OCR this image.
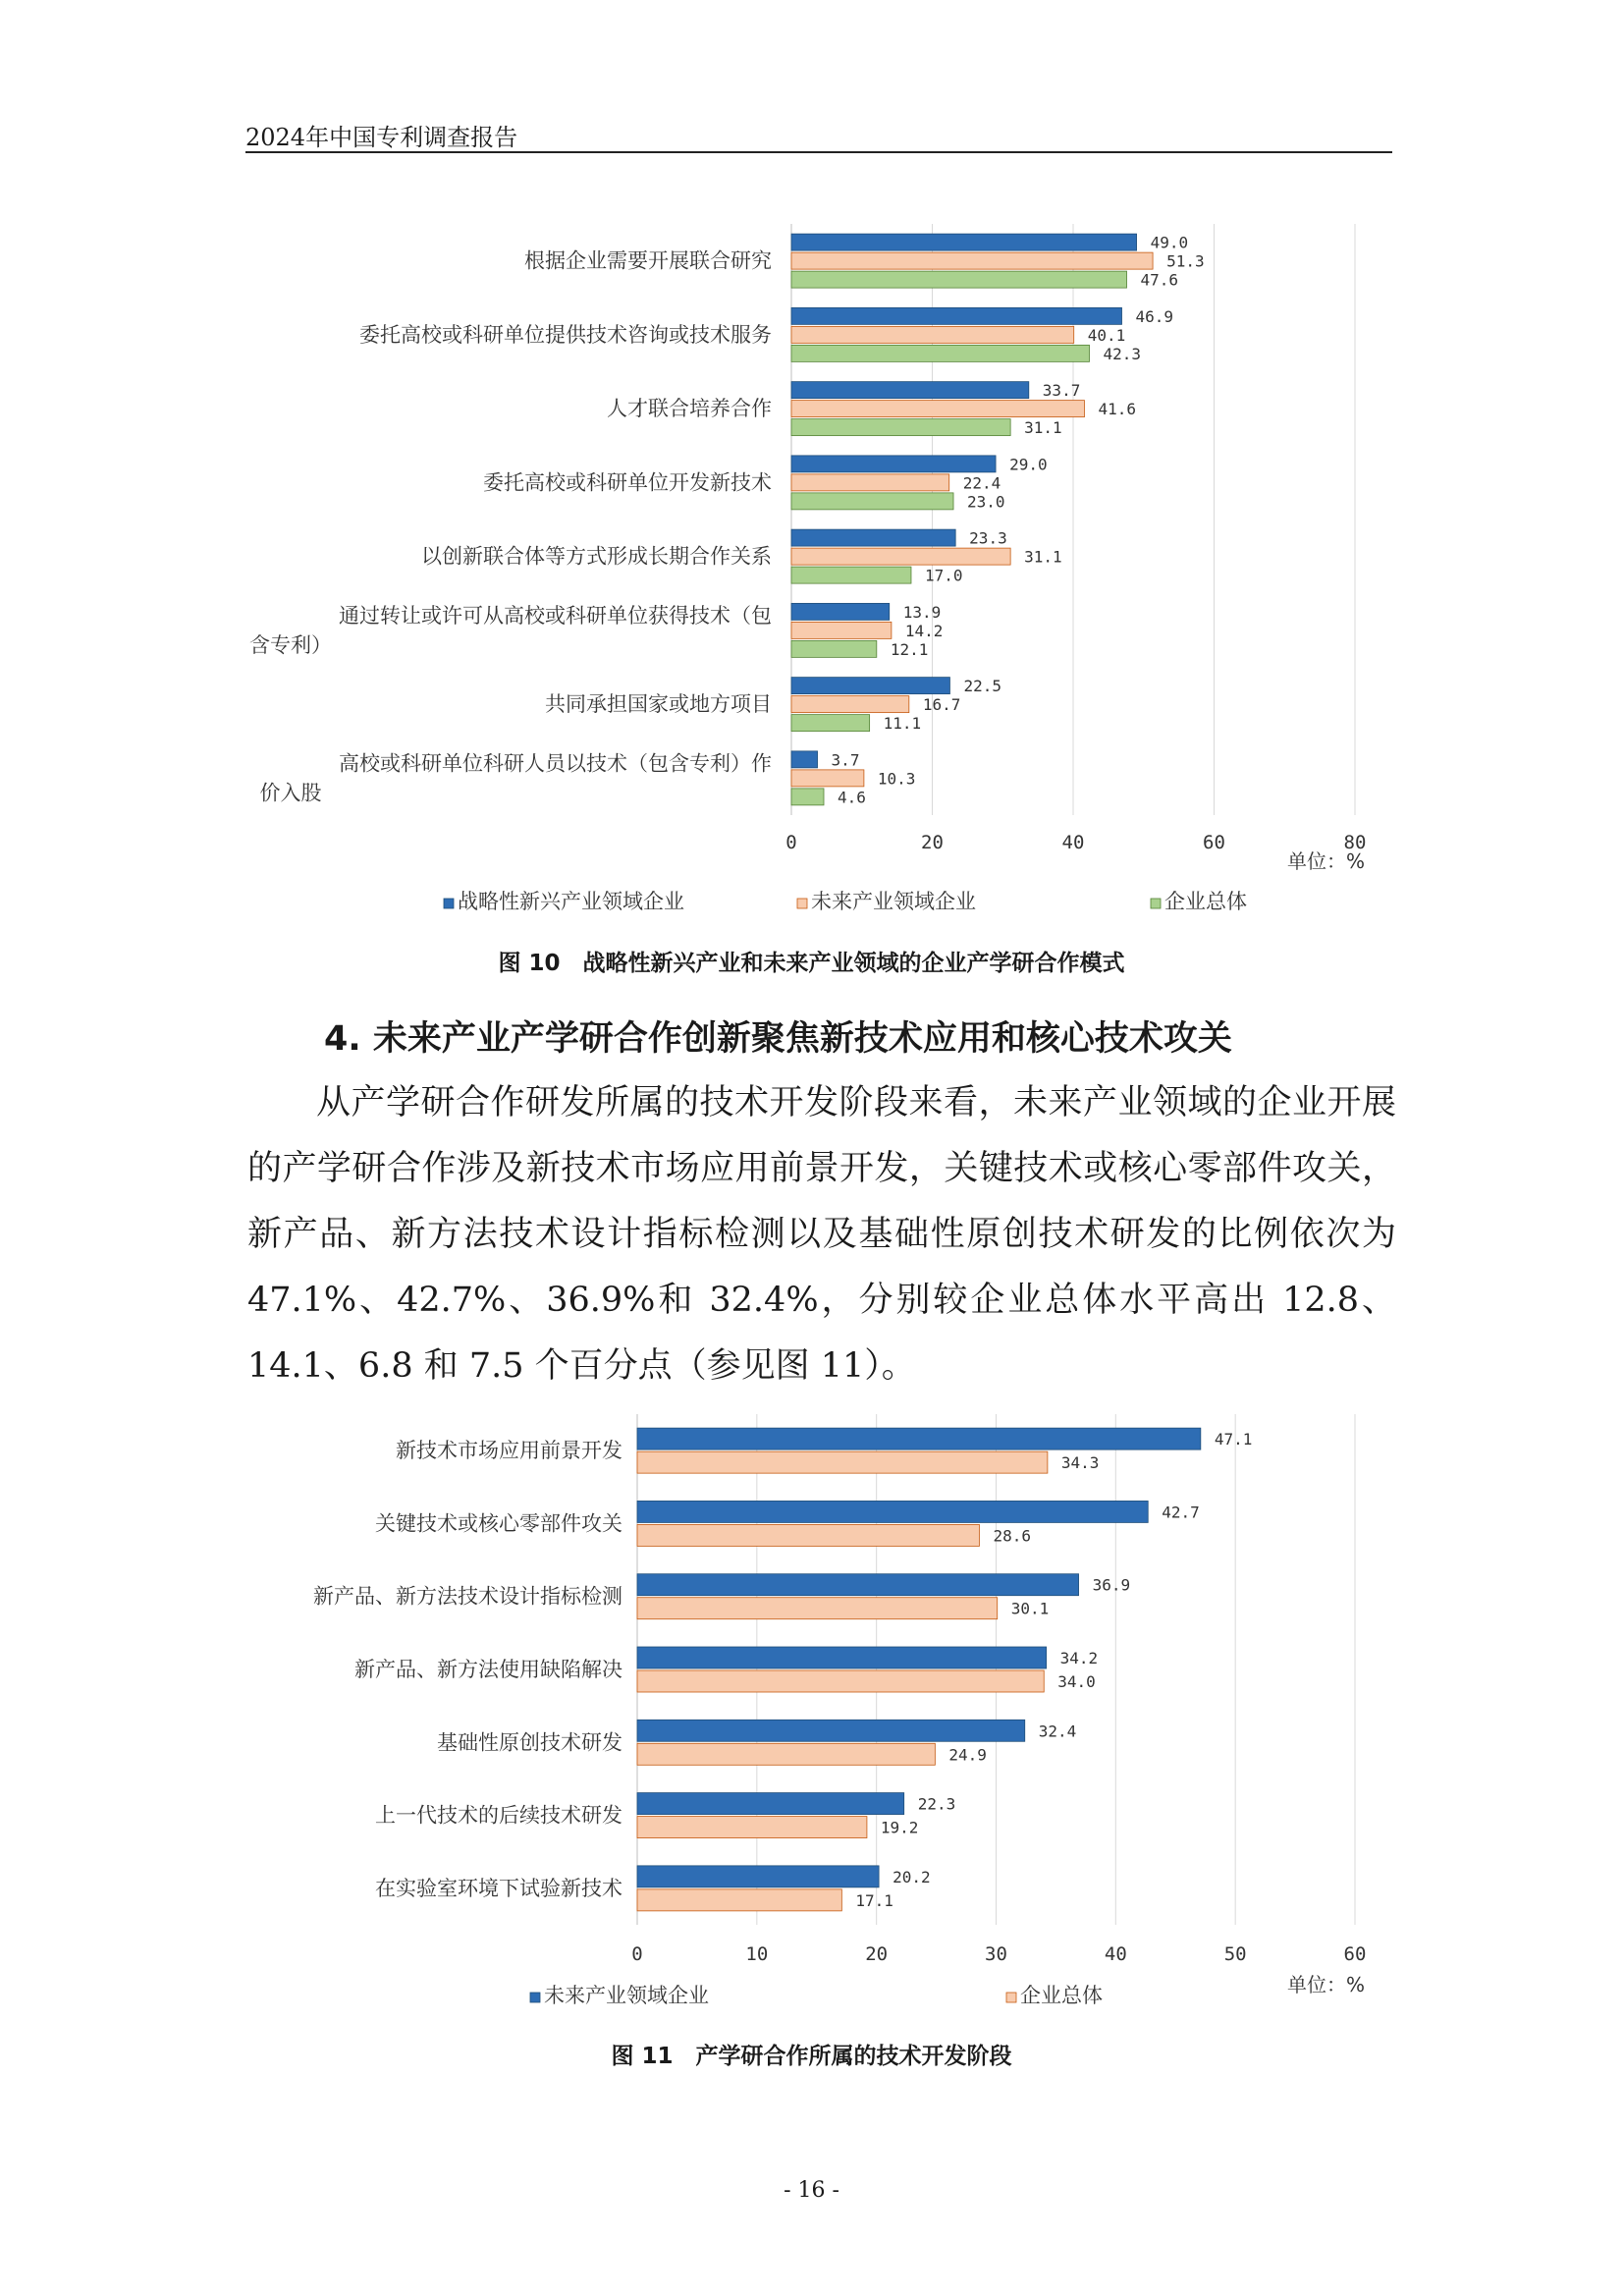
2024年中国专利调查报告
0	20	40	60	80
单位：%
根据企业需要开展联合研究
49.0
51.3
47.6
委托高校或科研单位提供技术咨询或技术服务
46.9
40.1
42.3
人才联合培养合作
33.7
41.6
31.1
委托高校或科研单位开发新技术
29.0
22.4
23.0
以创新联合体等方式形成长期合作关系
23.3
31.1
17.0
通过转让或许可从高校或科研单位获得技术（包
含专利）
13.9
14.2
12.1
共同承担国家或地方项目
22.5
16.7
11.1
高校或科研单位科研人员以技术（包含专利）作
价入股
3.7
10.3
4.6
战略性新兴产业领域企业	未来产业领域企业	企业总体
图 10　战略性新兴产业和未来产业领域的企业产学研合作模式
4. 未来产业产学研合作创新聚焦新技术应用和核心技术攻关

从产学研合作研发所属的技术开发阶段来看，未来产业领域的企业开展的产学研合作涉及新技术市场应用前景开发，关键技术或核心零部件攻关，新产品、新方法技术设计指标检测以及基础性原创技术研发的比例依次为 47.1%、42.7%、36.9%和 32.4%，分别较企业总体水平高出 12.8、14.1、6.8 和 7.5 个百分点（参见图 11）。

0	10	20	30	40	50	60
单位：%
新技术市场应用前景开发	47.1
34.3
关键技术或核心零部件攻关	42.7
28.6
新产品、新方法技术设计指标检测	36.9
30.1
新产品、新方法使用缺陷解决	34.2
34.0
基础性原创技术研发	32.4
24.9
上一代技术的后续技术研发	22.3
19.2
在实验室环境下试验新技术	20.2
17.1
未来产业领域企业	企业总体
图 11　产学研合作所属的技术开发阶段
- 16 -
